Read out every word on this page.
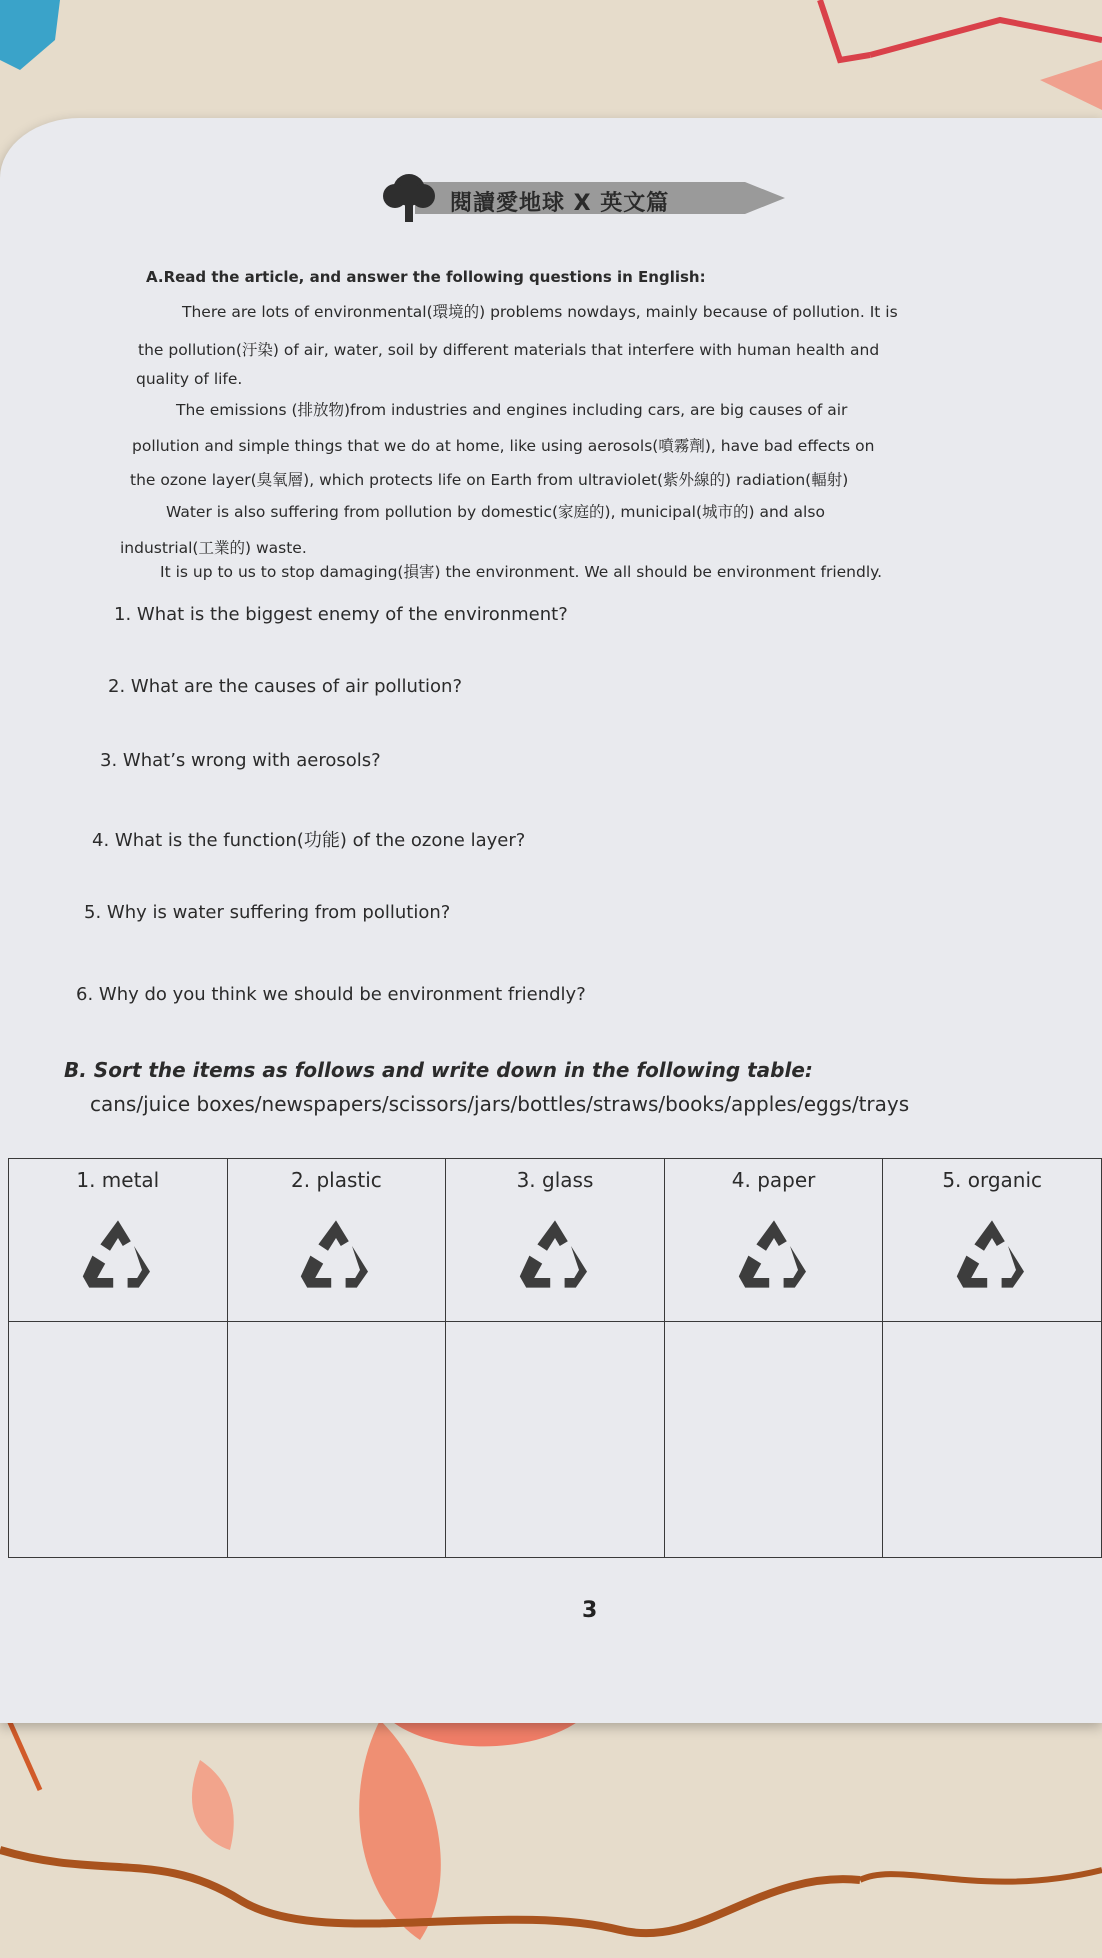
閱讀愛地球 X 英文篇
A.Read the article, and answer the following questions in English:
There are lots of environmental(環境的) problems nowdays, mainly because of pollution. It is
the pollution(汙染) of air, water, soil by different materials that interfere with human health and
quality of life.
The emissions (排放物)from industries and engines including cars, are big causes of air
pollution and simple things that we do at home, like using aerosols(噴霧劑), have bad effects on
the ozone layer(臭氧層), which protects life on Earth from ultraviolet(紫外線的) radiation(輻射)
Water is also suffering from pollution by domestic(家庭的), municipal(城市的) and also
industrial(工業的) waste.
It is up to us to stop damaging(損害) the environment. We all should be environment friendly.
1. What is the biggest enemy of the environment?
2. What are the causes of air pollution?
3. What’s wrong with aerosols?
4. What is the function(功能) of the ozone layer?
5. Why is water suffering from pollution?
6. Why do you think we should be environment friendly?
B. Sort the items as follows and write down in the following table:
cans/juice boxes/newspapers/scissors/jars/bottles/straws/books/apples/eggs/trays
1. metal	2. plastic	3. glass	4. paper	5. organic

3
